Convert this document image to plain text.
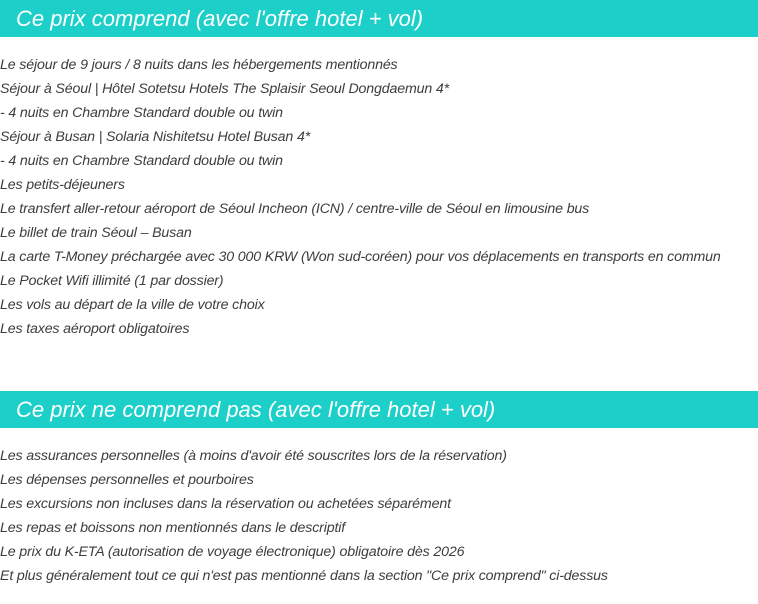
Ce prix comprend (avec l'offre hotel + vol)
Le séjour de 9 jours / 8 nuits dans les hébergements mentionnés
Séjour à Séoul | Hôtel Sotetsu Hotels The Splaisir Seoul Dongdaemun 4*
- 4 nuits en Chambre Standard double ou twin
Séjour à Busan | Solaria Nishitetsu Hotel Busan 4*
- 4 nuits en Chambre Standard double ou twin
Les petits-déjeuners
Le transfert aller-retour aéroport de Séoul Incheon (ICN) / centre-ville de Séoul en limousine bus
Le billet de train Séoul – Busan
La carte T-Money préchargée avec 30 000 KRW (Won sud-coréen) pour vos déplacements en transports en commun
Le Pocket Wifi illimité (1 par dossier)
Les vols au départ de la ville de votre choix
Les taxes aéroport obligatoires
Ce prix ne comprend pas (avec l'offre hotel + vol)
Les assurances personnelles (à moins d'avoir été souscrites lors de la réservation)
Les dépenses personnelles et pourboires
Les excursions non incluses dans la réservation ou achetées séparément
Les repas et boissons non mentionnés dans le descriptif
Le prix du K-ETA (autorisation de voyage électronique) obligatoire dès 2026
Et plus généralement tout ce qui n'est pas mentionné dans la section "Ce prix comprend" ci-dessus
